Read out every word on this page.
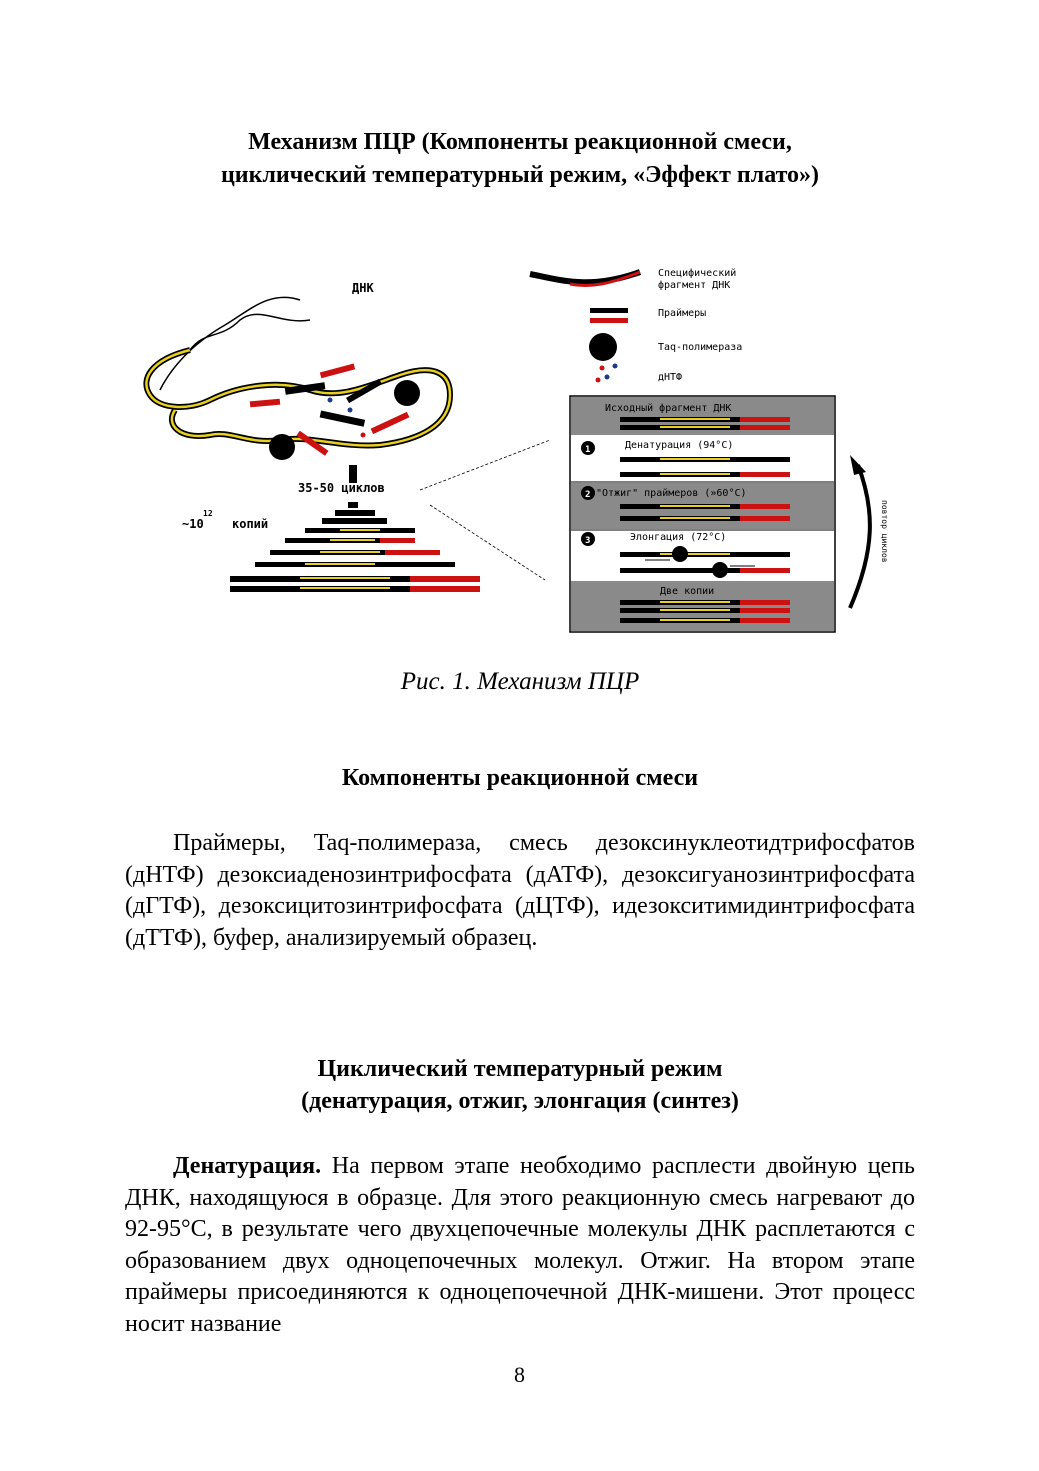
Механизм ПЦР (Компоненты реакционной смеси,
циклический температурный режим, «Эффект плато»)
ДНК
35-50 циклов
~10
12
копий
Специфический
фрагмент ДНК
Праймеры
Taq-полимераза
дНТФ
Исходный фрагмент ДНК
Денатурация (94°С)
"Отжиг" праймеров (»60°С)
Элонгация (72°С)
Две копии
1
2
3	повтор циклов
Рис. 1. Механизм ПЦР
Компоненты реакционной смеси

Праймеры, Taq-полимераза, смесь дезоксинуклеотидтрифосфатов (дНТФ) дезоксиаденозинтрифосфата (дАТФ), дезоксигуанозинтрифосфата (дГТФ), дезоксицитозинтрифосфата (дЦТФ), идезокситимидинтрифосфата (дТТФ), буфер, анализируемый образец.

Циклический температурный режим
(денатурация, отжиг, элонгация (синтез)

Денатурация. На первом этапе необходимо расплести двойную цепь ДНК, находящуюся в образце. Для этого реакционную смесь нагревают до 92-95°С, в результате чего двухцепочечные молекулы ДНК расплетаются с образованием двух одноцепочечных молекул. Отжиг. На втором этапе праймеры присоединяются к одноцепочечной ДНК-мишени. Этот процесс носит название

8
